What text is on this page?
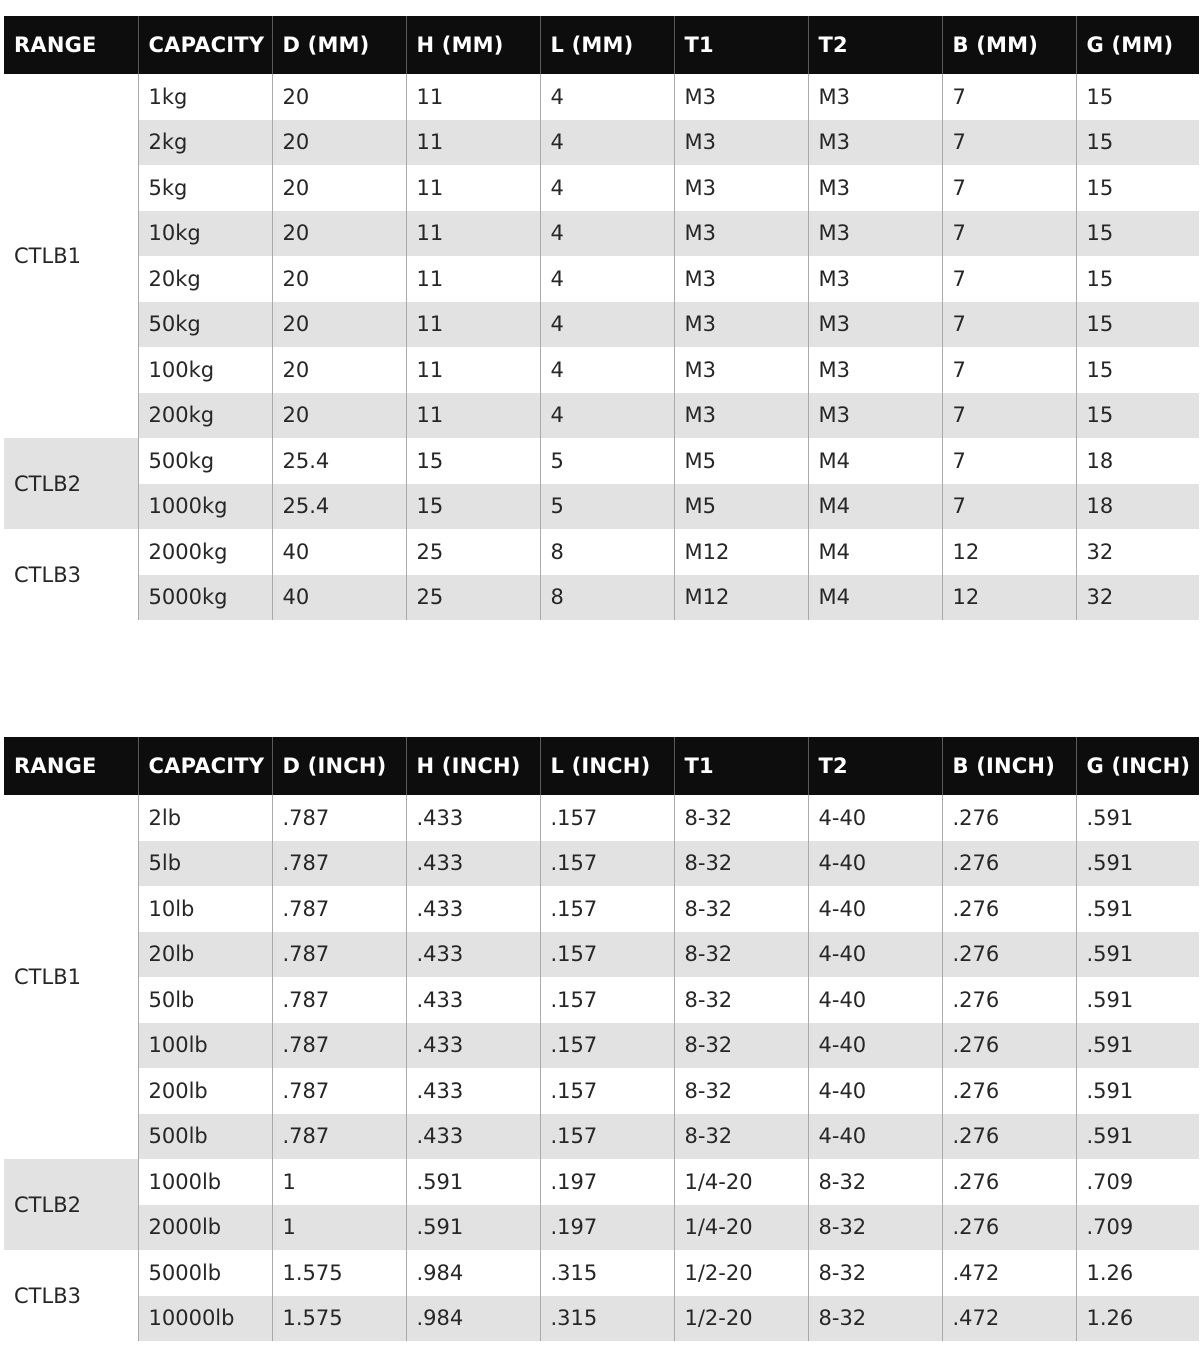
RANGE	CAPACITY	D (MM)	H (MM)	L (MM)	T1	T2	B (MM)	G (MM)
CTLB1	1kg	20	11	4	M3	M3	7	15
	2kg	20	11	4	M3	M3	7	15
	5kg	20	11	4	M3	M3	7	15
	10kg	20	11	4	M3	M3	7	15
	20kg	20	11	4	M3	M3	7	15
	50kg	20	11	4	M3	M3	7	15
	100kg	20	11	4	M3	M3	7	15
	200kg	20	11	4	M3	M3	7	15
CTLB2	500kg	25.4	15	5	M5	M4	7	18
	1000kg	25.4	15	5	M5	M4	7	18
CTLB3	2000kg	40	25	8	M12	M4	12	32
	5000kg	40	25	8	M12	M4	12	32
RANGE	CAPACITY	D (INCH)	H (INCH)	L (INCH)	T1	T2	B (INCH)	G (INCH)
CTLB1	2lb	.787	.433	.157	8-32	4-40	.276	.591
	5lb	.787	.433	.157	8-32	4-40	.276	.591
	10lb	.787	.433	.157	8-32	4-40	.276	.591
	20lb	.787	.433	.157	8-32	4-40	.276	.591
	50lb	.787	.433	.157	8-32	4-40	.276	.591
	100lb	.787	.433	.157	8-32	4-40	.276	.591
	200lb	.787	.433	.157	8-32	4-40	.276	.591
	500lb	.787	.433	.157	8-32	4-40	.276	.591
CTLB2	1000lb	1	.591	.197	1/4-20	8-32	.276	.709
	2000lb	1	.591	.197	1/4-20	8-32	.276	.709
CTLB3	5000lb	1.575	.984	.315	1/2-20	8-32	.472	1.26
	10000lb	1.575	.984	.315	1/2-20	8-32	.472	1.26
